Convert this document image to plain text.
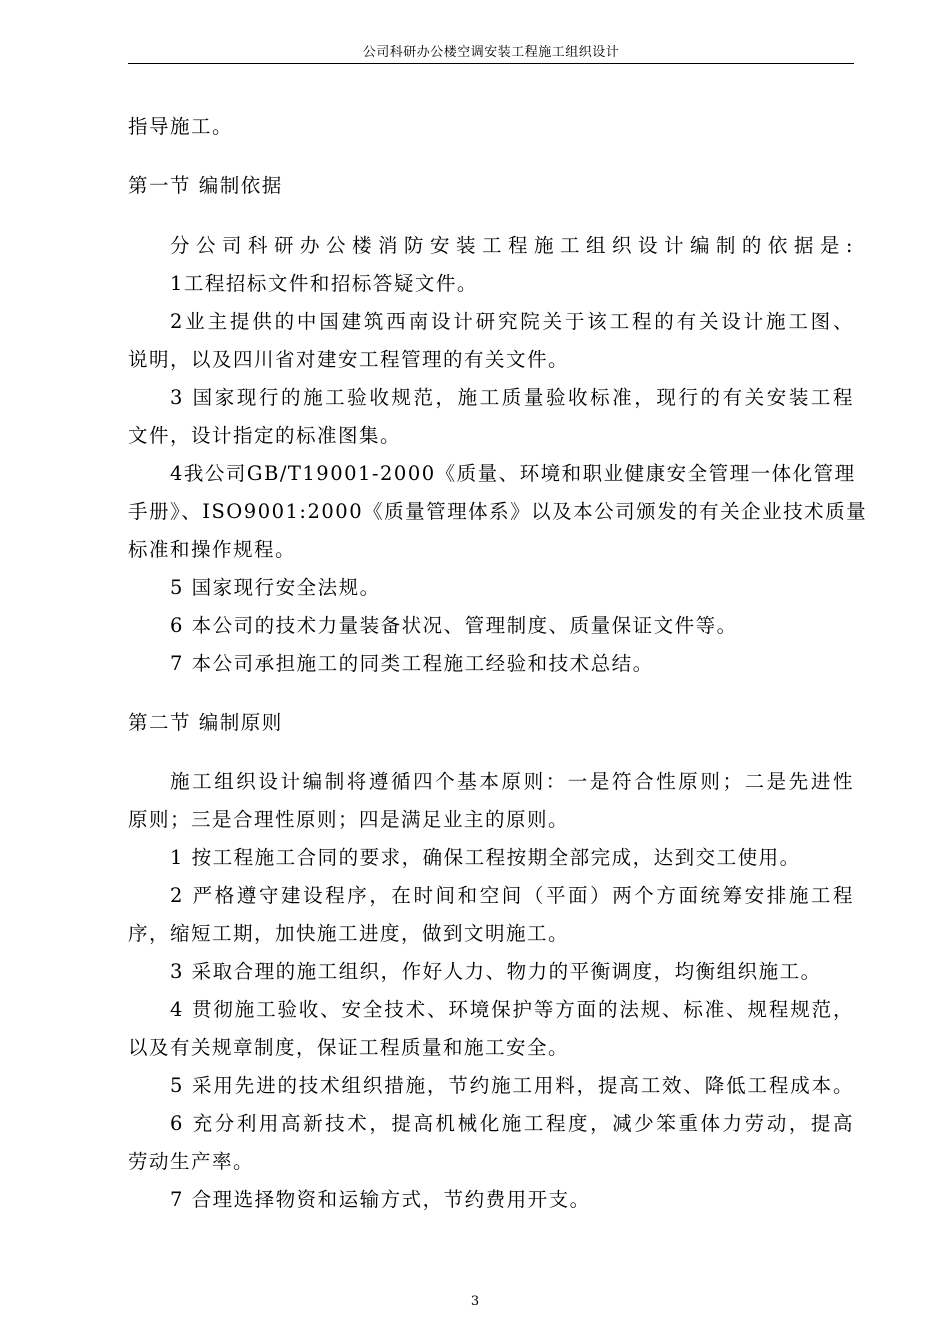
公司科研办公楼空调安装工程施工组织设计
指导施工。
第一节 编制依据
分公司科研办公楼消防安装工程施工组织设计编制的依据是:
1工程招标文件和招标答疑文件。
2业主提供的中国建筑西南设计研究院关于该工程的有关设计施工图、
说明，以及四川省对建安工程管理的有关文件。
3 国家现行的施工验收规范，施工质量验收标准，现行的有关安装工程
文件，设计指定的标准图集。
4我公司GB/T19001-2000《质量、环境和职业健康安全管理一体化管理
手册》、ISO9001:2000《质量管理体系》以及本公司颁发的有关企业技术质量
标准和操作规程。
5 国家现行安全法规。
6 本公司的技术力量装备状况、管理制度、质量保证文件等。
7 本公司承担施工的同类工程施工经验和技术总结。
第二节 编制原则
施工组织设计编制将遵循四个基本原则：一是符合性原则；二是先进性
原则；三是合理性原则；四是满足业主的原则。
1 按工程施工合同的要求，确保工程按期全部完成，达到交工使用。
2 严格遵守建设程序，在时间和空间（平面）两个方面统筹安排施工程
序，缩短工期，加快施工进度，做到文明施工。
3 采取合理的施工组织，作好人力、物力的平衡调度，均衡组织施工。
4 贯彻施工验收、安全技术、环境保护等方面的法规、标准、规程规范，
以及有关规章制度，保证工程质量和施工安全。
5 采用先进的技术组织措施，节约施工用料，提高工效、降低工程成本。
6 充分利用高新技术，提高机械化施工程度，减少笨重体力劳动，提高
劳动生产率。
7 合理选择物资和运输方式，节约费用开支。
3
